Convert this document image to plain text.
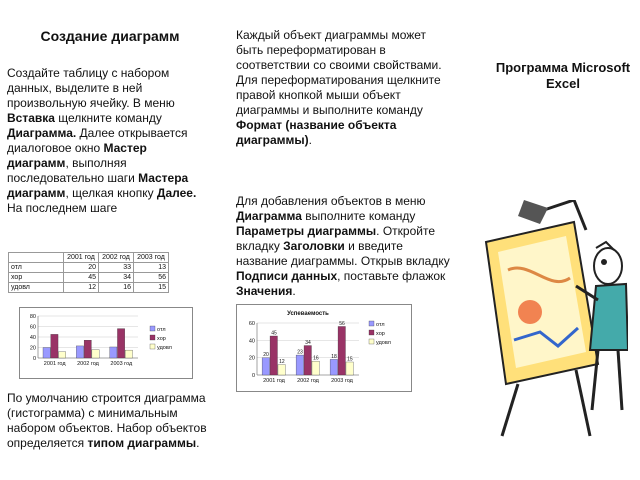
Создание диаграмм
Создайте таблицу с набором данных, выделите в ней произвольную ячейку. В меню Вставка щелкните команду Диаграмма. Далее открывается диалоговое окно Мастер диаграмм, выполняя последовательно шаги Мастера диаграмм, щелкая кнопку Далее. На последнем шаге
Каждый объект диаграммы может быть переформатирован в соответствии со своими свойствами. Для переформатирования щелкните правой кнопкой мыши объект диаграммы и выполните команду Формат (название объекта диаграммы).
Для добавления объектов в меню Диаграмма выполните команду Параметры диаграммы. Откройте вкладку Заголовки и введите название диаграммы. Открыв вкладку Подписи данных, поставьте флажок Значения.
Программа Microsoft Excel
	2001 год	2002 год	2003 год
отл	20	33	13
хор	45	34	56
удовл	12	16	15
0
20
40
60
80
2001 год 2002 год 2003 год
отл
хор
удовл
Успеваемость
0
20
40
60
20
45
12
2001 год
23
34
16
2002 год
18
56
15
2003 год
отл
хор
удовл
По умолчанию строится диаграмма (гистограмма) с минимальным набором объектов. Набор объектов определяется типом диаграммы.
